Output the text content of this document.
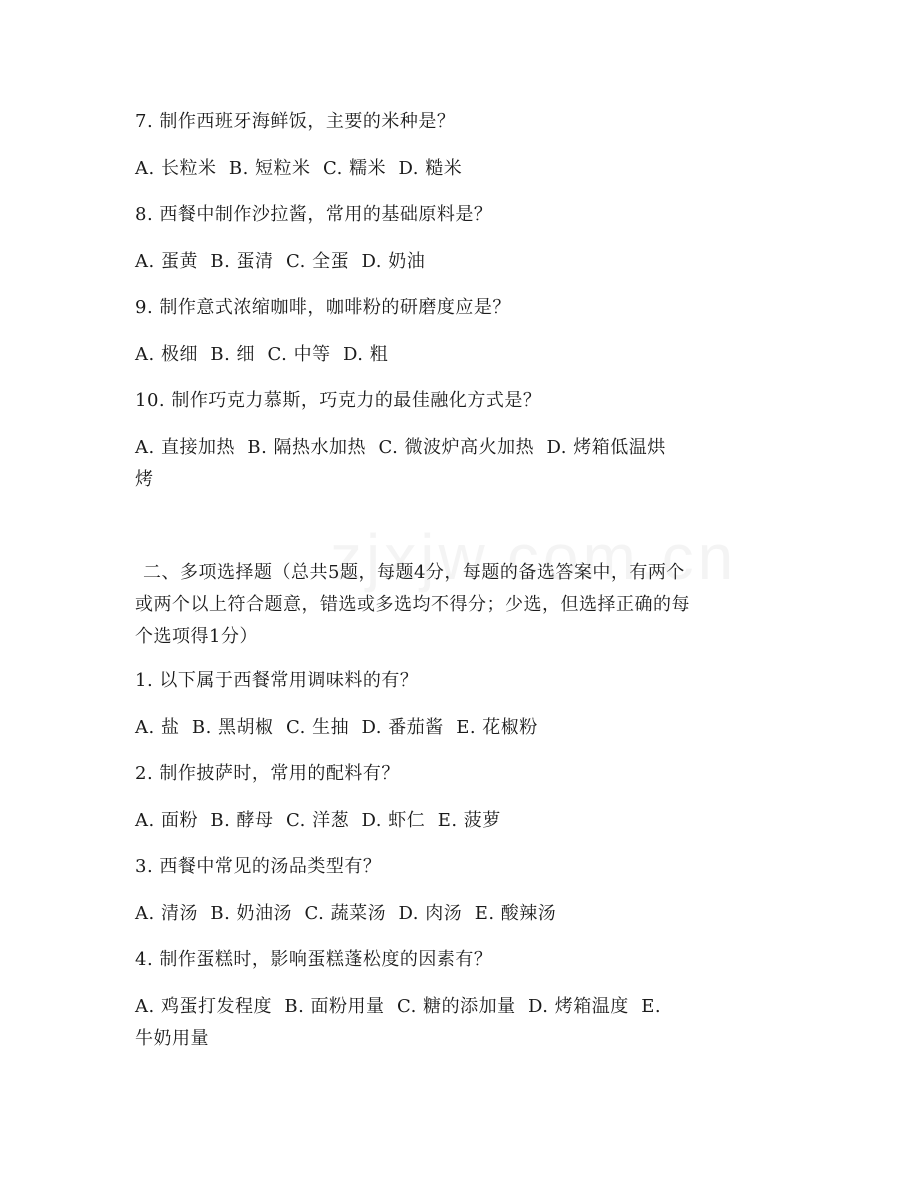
7. 制作西班牙海鲜饭，主要的米种是？
A. 长粒米  B. 短粒米  C. 糯米  D. 糙米
8. 西餐中制作沙拉酱，常用的基础原料是？
A. 蛋黄  B. 蛋清  C. 全蛋  D. 奶油
9. 制作意式浓缩咖啡，咖啡粉的研磨度应是？
A. 极细  B. 细  C. 中等  D. 粗
10. 制作巧克力慕斯，巧克力的最佳融化方式是？
A. 直接加热  B. 隔热水加热  C. 微波炉高火加热  D. 烤箱低温烘
烤
二、多项选择题（总共5题，每题4分，每题的备选答案中，有两个
或两个以上符合题意，错选或多选均不得分；少选，但选择正确的每
个选项得1分）
1. 以下属于西餐常用调味料的有？
A. 盐  B. 黑胡椒  C. 生抽  D. 番茄酱  E. 花椒粉
2. 制作披萨时，常用的配料有？
A. 面粉  B. 酵母  C. 洋葱  D. 虾仁  E. 菠萝
3. 西餐中常见的汤品类型有？
A. 清汤  B. 奶油汤  C. 蔬菜汤  D. 肉汤  E. 酸辣汤
4. 制作蛋糕时，影响蛋糕蓬松度的因素有？
A. 鸡蛋打发程度  B. 面粉用量  C. 糖的添加量  D. 烤箱温度  E.
牛奶用量
